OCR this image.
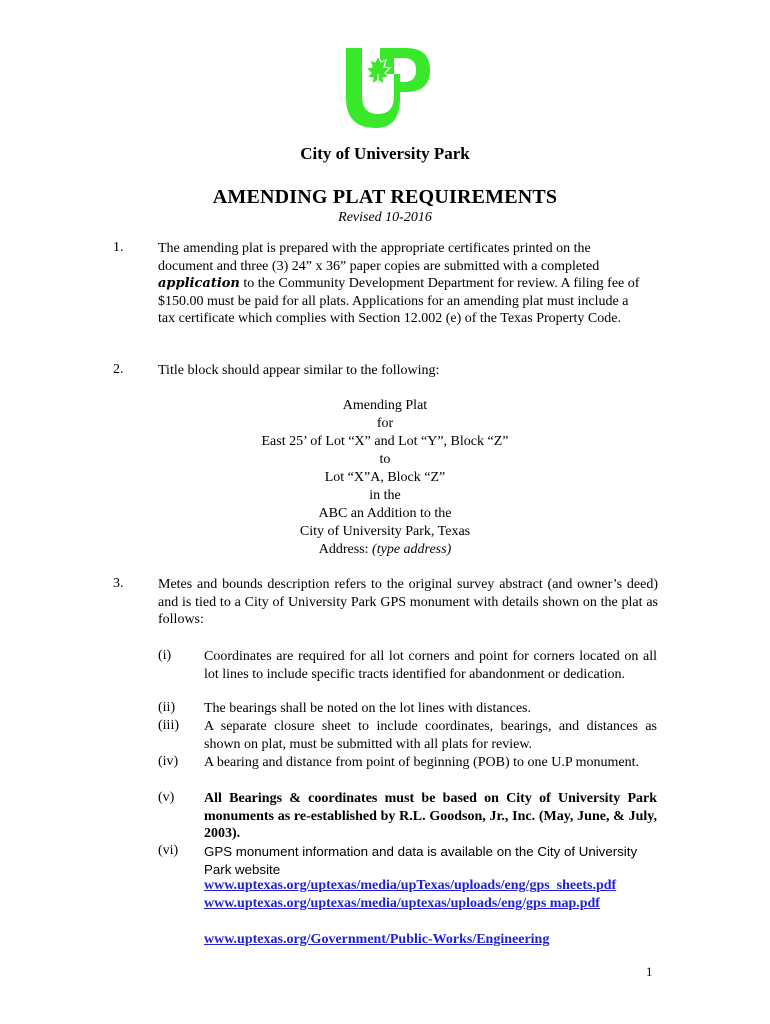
City of University Park
AMENDING PLAT REQUIREMENTS
Revised 10-2016
1. The amending plat is prepared with the appropriate certificates printed on the document and three (3) 24” x 36” paper copies are submitted with a completed application to the Community Development Department for review. A filing fee of $150.00 must be paid for all plats. Applications for an amending plat must include a tax certificate which complies with Section 12.002 (e) of the Texas Property Code.
2. Title block should appear similar to the following:
Amending Plat
for
East 25’ of Lot “X” and Lot “Y”, Block “Z”
to
Lot “X”A, Block “Z”
in the
ABC an Addition to the
City of University Park, Texas
Address: (type address)
3. Metes and bounds description refers to the original survey abstract (and owner’s deed) and is tied to a City of University Park GPS monument with details shown on the plat as follows:
(i)	Coordinates are required for all lot corners and point for corners located on all lot lines to include specific tracts identified for abandonment or dedication.
(ii)	The bearings shall be noted on the lot lines with distances.
(iii)	A separate closure sheet to include coordinates, bearings, and distances as shown on plat, must be submitted with all plats for review.
(iv)	A bearing and distance from point of beginning (POB) to one U.P monument.
(v)	All Bearings & coordinates must be based on City of University Park monuments as re-established by R.L. Goodson, Jr., Inc. (May, June, & July, 2003).
(vi)	GPS monument information and data is available on the City of University Park website
www.uptexas.org/uptexas/media/upTexas/uploads/eng/gps_sheets.pdf
www.uptexas.org/uptexas/media/uptexas/uploads/eng/gps map.pdf
www.uptexas.org/Government/Public-Works/Engineering
1
